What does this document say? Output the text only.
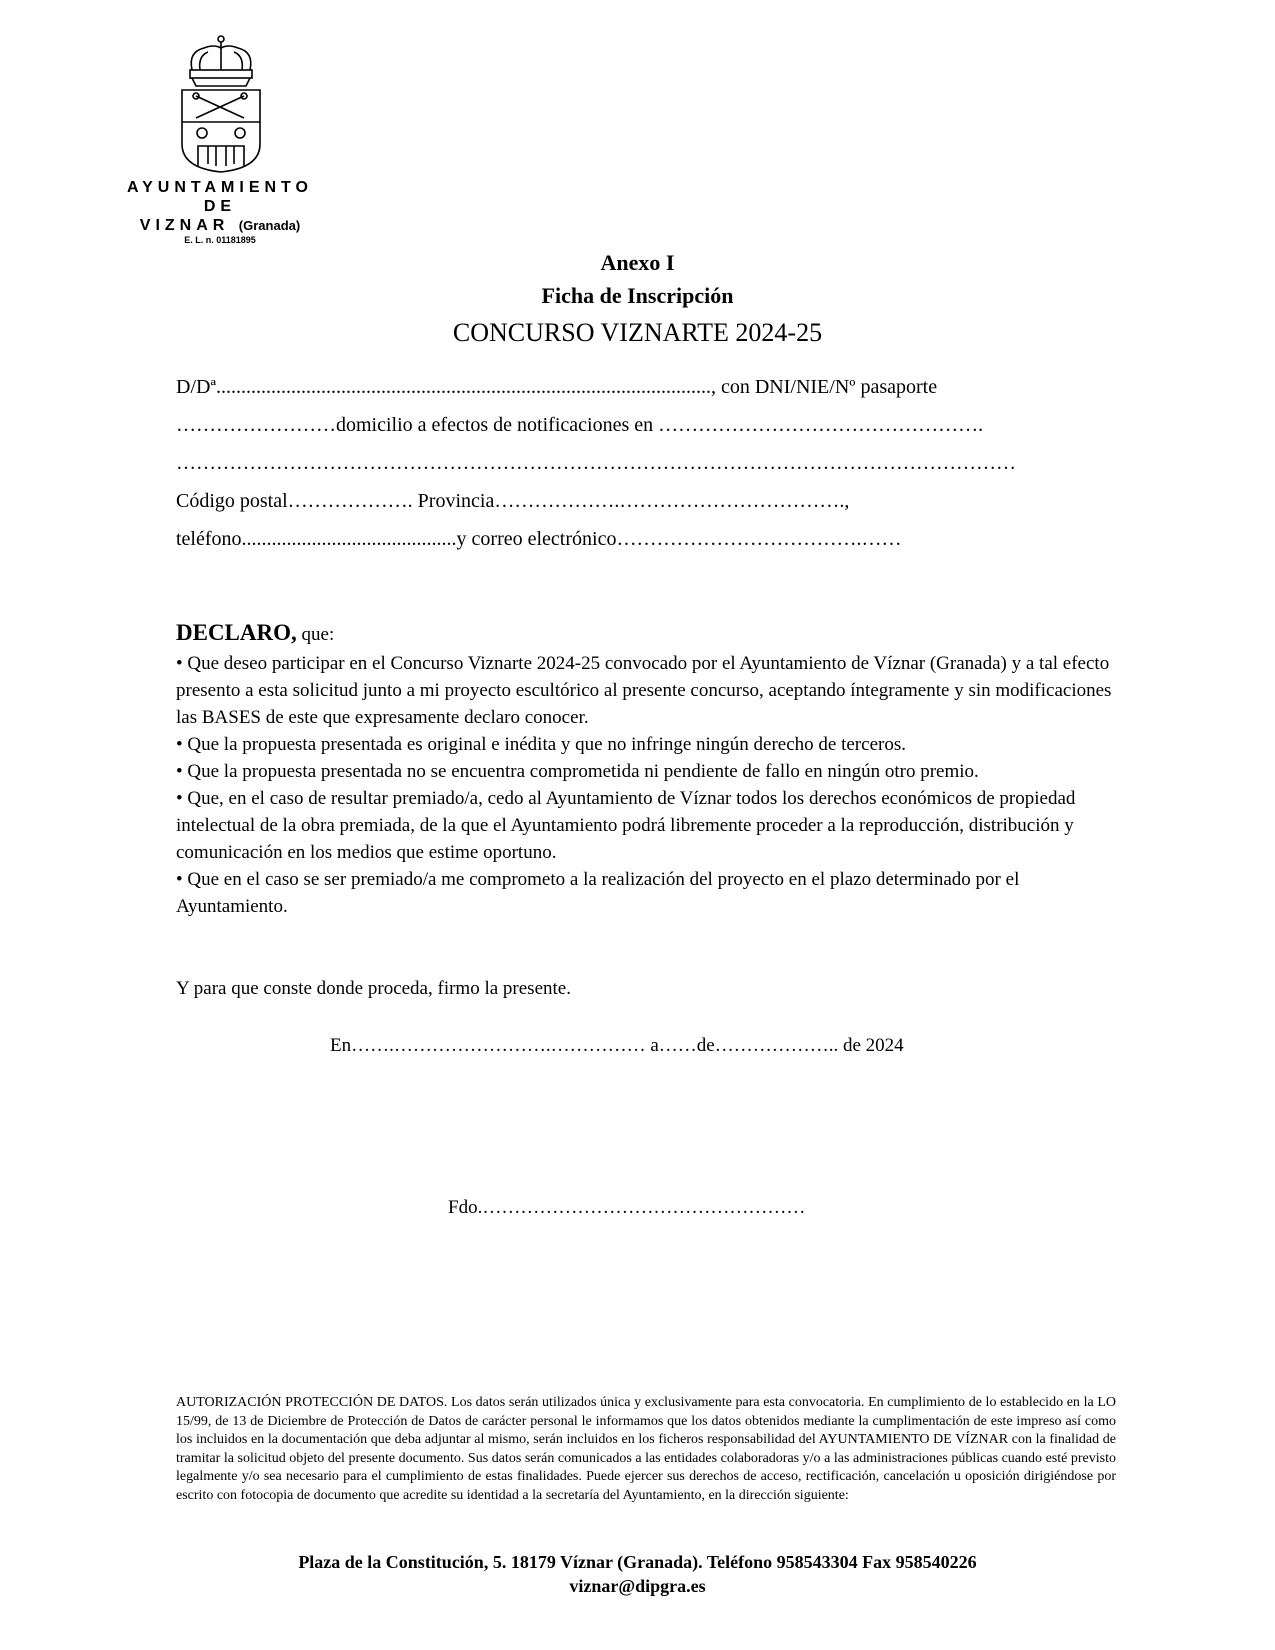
AYUNTAMIENTO
DE
VIZNAR (Granada)
E. L. n. 01181895
Anexo I
Ficha de Inscripción
CONCURSO VIZNARTE 2024-25
D/Dª..................................................................................................., con DNI/NIE/Nº pasaporte
……………………domicilio a efectos de notificaciones en ………………………………………….
………………………………………………………………………………………………………………
Código postal………………. Provincia……………….…………………………….,
teléfono...........................................y correo electrónico……………………………….……
DECLARO, que:

• Que deseo participar en el Concurso Viznarte 2024-25 convocado por el Ayuntamiento de Víznar (Granada) y a tal efecto presento a esta solicitud junto a mi proyecto escultórico al presente concurso, aceptando íntegramente y sin modificaciones las BASES de este que expresamente declaro conocer.

• Que la propuesta presentada es original e inédita y que no infringe ningún derecho de terceros.

• Que la propuesta presentada no se encuentra comprometida ni pendiente de fallo en ningún otro premio.

• Que, en el caso de resultar premiado/a, cedo al Ayuntamiento de Víznar todos los derechos económicos de propiedad intelectual de la obra premiada, de la que el Ayuntamiento podrá libremente proceder a la reproducción, distribución y comunicación en los medios que estime oportuno.

• Que en el caso se ser premiado/a me comprometo a la realización del proyecto en el plazo determinado por el Ayuntamiento.

Y para que conste donde proceda, firmo la presente.
En…….…………………….…………… a……de……………….. de 2024
Fdo.……………………………………………
AUTORIZACIÓN PROTECCIÓN DE DATOS. Los datos serán utilizados única y exclusivamente para esta convocatoria. En cumplimiento de lo establecido en la LO 15/99, de 13 de Diciembre de Protección de Datos de carácter personal le informamos que los datos obtenidos mediante la cumplimentación de este impreso así como los incluidos en la documentación que deba adjuntar al mismo, serán incluidos en los ficheros responsabilidad del AYUNTAMIENTO DE VÍZNAR con la finalidad de tramitar la solicitud objeto del presente documento. Sus datos serán comunicados a las entidades colaboradoras y/o a las administraciones públicas cuando esté previsto legalmente y/o sea necesario para el cumplimiento de estas finalidades. Puede ejercer sus derechos de acceso, rectificación, cancelación u oposición dirigiéndose por escrito con fotocopia de documento que acredite su identidad a la secretaría del Ayuntamiento, en la dirección siguiente:
Plaza de la Constitución, 5. 18179 Víznar (Granada). Teléfono 958543304 Fax 958540226
viznar@dipgra.es
